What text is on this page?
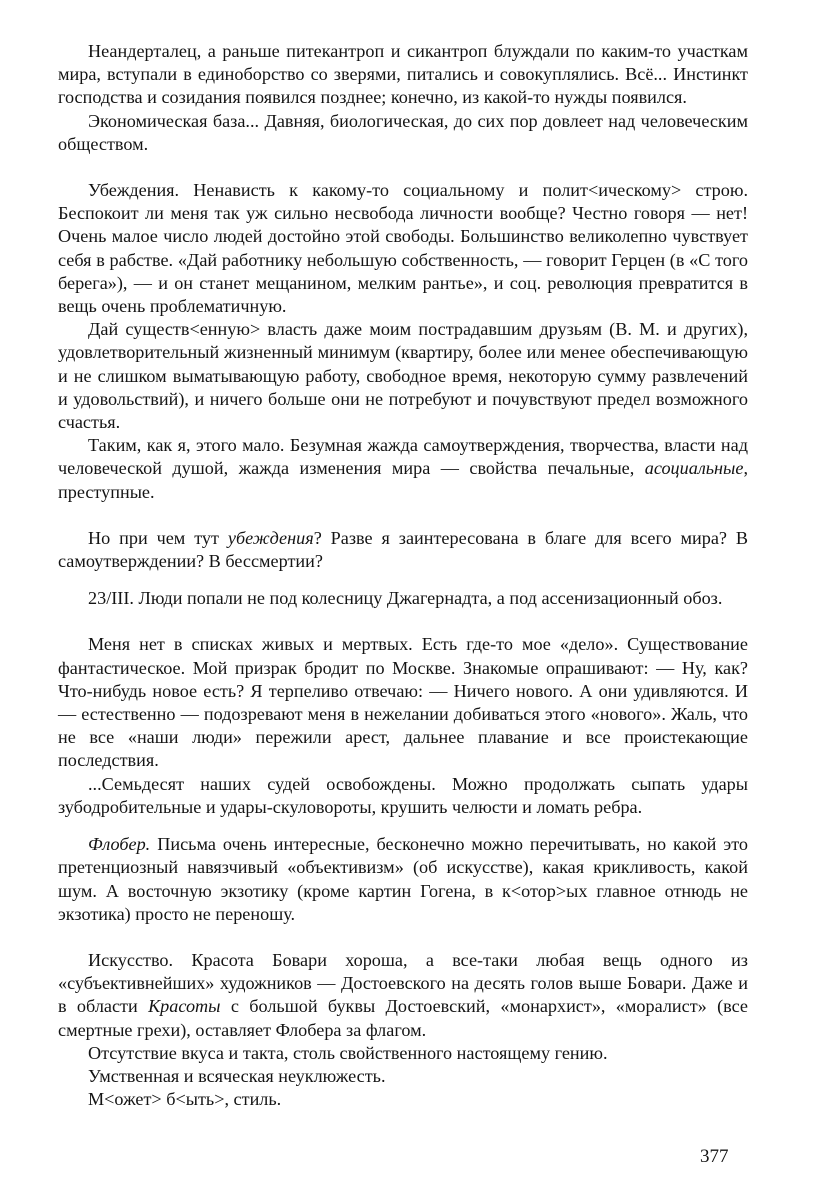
Неандерталец, а раньше питекантроп и сикантроп блуждали по каким-то участкам мира, вступали в единоборство со зверями, питались и совокуплялись. Всё... Инстинкт господства и созидания появился позднее; конечно, из какой-то нужды появился.

Экономическая база... Давняя, биологическая, до сих пор довлеет над человеческим обществом.

Убеждения. Ненависть к какому-то социальному и полит<ическому> строю. Беспокоит ли меня так уж сильно несвобода личности вообще? Честно говоря — нет! Очень малое число людей достойно этой свободы. Большинство великолепно чувствует себя в рабстве. «Дай работнику небольшую собственность, — говорит Герцен (в «С того берега»), — и он станет мещанином, мелким рантье», и соц. революция превратится в вещь очень проблематичную.

Дай существ<енную> власть даже моим пострадавшим друзьям (В. М. и других), удовлетворительный жизненный минимум (квартиру, более или менее обеспечивающую и не слишком выматывающую работу, свободное время, некоторую сумму развлечений и удовольствий), и ничего больше они не потребуют и почувствуют предел возможного счастья.

Таким, как я, этого мало. Безумная жажда самоутверждения, творчества, власти над человеческой душой, жажда изменения мира — свойства печальные, асоциальные, преступные.

Но при чем тут убеждения? Разве я заинтересована в благе для всего мира? В самоутверждении? В бессмертии?

23/III. Люди попали не под колесницу Джагернадта, а под ассенизационный обоз.

Меня нет в списках живых и мертвых. Есть где-то мое «дело». Существование фантастическое. Мой призрак бродит по Москве. Знакомые опрашивают: — Ну, как? Что-нибудь новое есть? Я терпеливо отвечаю: — Ничего нового. А они удивляются. И — естественно — подозревают меня в нежелании добиваться этого «нового». Жаль, что не все «наши люди» пережили арест, дальнее плавание и все проистекающие последствия.

...Семьдесят наших судей освобождены. Можно продолжать сыпать удары зубодробительные и удары-скуловороты, крушить челюсти и ломать ребра.

Флобер. Письма очень интересные, бесконечно можно перечитывать, но какой это претенциозный навязчивый «объективизм» (об искусстве), какая крикливость, какой шум. А восточную экзотику (кроме картин Гогена, в к<отор>ых главное отнюдь не экзотика) просто не переношу.

Искусство. Красота Бовари хороша, а все-таки любая вещь одного из «субъективнейших» художников — Достоевского на десять голов выше Бовари. Даже и в области Красоты с большой буквы Достоевский, «монархист», «моралист» (все смертные грехи), оставляет Флобера за флагом.

Отсутствие вкуса и такта, столь свойственного настоящему гению.

Умственная и всяческая неуклюжесть.

М<ожет> б<ыть>, стиль.

377
